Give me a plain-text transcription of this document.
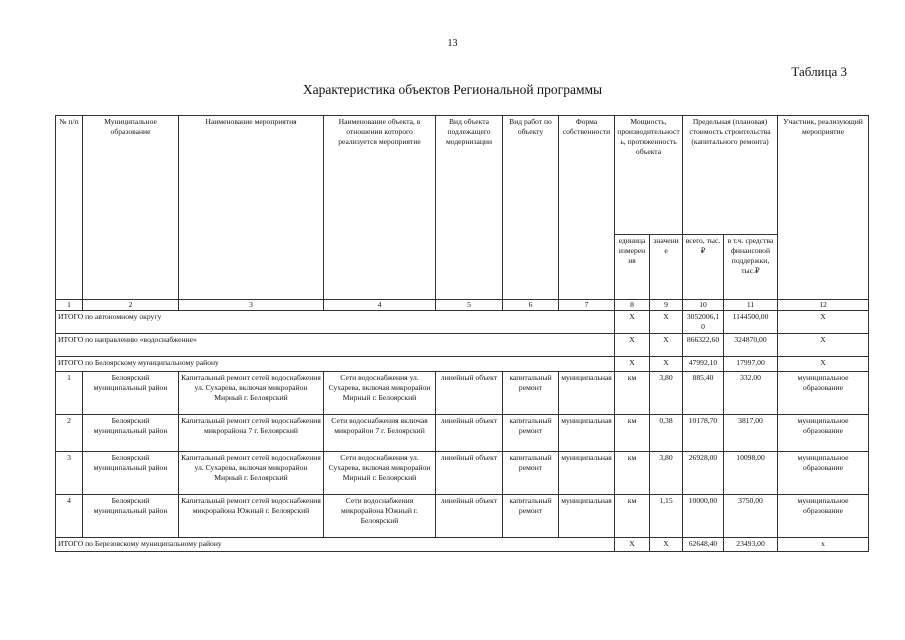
13
Таблица 3
Характеристика объектов Региональной программы
№ п/п	Муниципальное образование	Наименование мероприятия	Наименование объекта, в отношении которого реализуется мероприятие	Вид объекта подлежащего модернизации	Вид работ по объекту	Форма собственности	Мощность, производительность, протяженность объекта		Предельная (плановая) стоимость строительства (капитального ремонта)		Участник, реализующий мероприятие
							единица измерения	значение	всего, тыс.₽	в т.ч. средства финансовой поддержки, тыс.₽	
1	2	3	4	5	6	7	8	9	10	11	12
ИТОГО по автономному округу							Х	Х	3052006,10	1144500,00	Х
ИТОГО по направлению «водоснабжение»							Х	Х	866322,60	324870,00	Х
ИТОГО по Белоярскому муниципальному району							Х	Х	47992,10	17997,00	Х
1	Белоярский муниципальный район	Капитальный ремонт сетей водоснабжения ул. Сухарева, включая микрорайон Мирный г. Белоярский	Сети водоснабжения ул. Сухарева, включая микрорайон Мирный г. Белоярский	линейный объект	капитальный ремонт	муниципальная	км	3,80	885,40	332,00	муниципальное образование
2	Белоярский муниципальный район	Капитальный ремонт сетей водоснабжения микрорайона 7 г. Белоярский	Сети водоснабжения включая микрорайон 7 г. Белоярский	линейный объект	капитальный ремонт	муниципальная	км	0,38	10178,70	3817,00	муниципальное образование
3	Белоярский муниципальный район	Капитальный ремонт сетей водоснабжения ул. Сухарева, включая микрорайон Мирный г. Белоярский	Сети водоснабжения ул. Сухарева, включая микрорайон Мирный г. Белоярский	линейный объект	капитальный ремонт	муниципальная	км	3,80	26928,00	10098,00	муниципальное образование
4	Белоярский муниципальный район	Капитальный ремонт сетей водоснабжения микрорайона Южный г. Белоярский	Сети водоснабжения микрорайона Южный г. Белоярский	линейный объект	капитальный ремонт	муниципальная	км	1,15	10000,00	3750,00	муниципальное образование
ИТОГО по Березовскому муниципальному району							Х	Х	62648,40	23493,00	х
